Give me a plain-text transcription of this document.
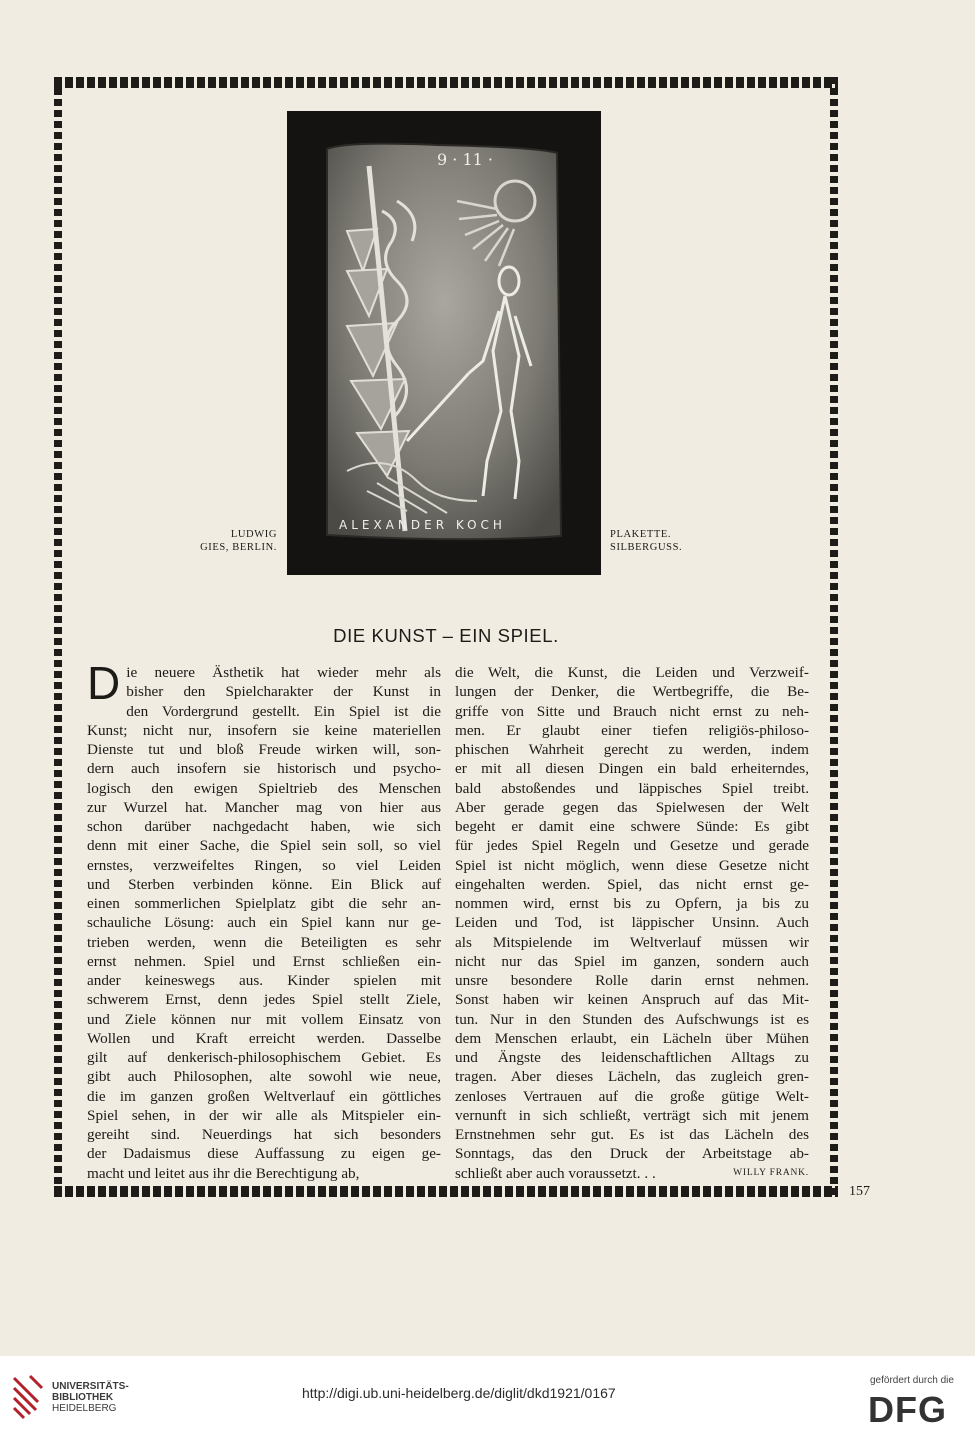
9 · 11 ·
ALEXANDER KOCH
LUDWIG
GIES, BERLIN.
PLAKETTE.
SILBERGUSS.
DIE KUNST – EIN SPIEL.
D ie neuere Ästhetik hat wieder mehr als
bisher den Spielcharakter der Kunst in
den Vordergrund gestellt. Ein Spiel ist die
Kunst; nicht nur, insofern sie keine materiellen
Dienste tut und bloß Freude wirken will, son-
dern auch insofern sie historisch und psycho-
logisch den ewigen Spieltrieb des Menschen
zur Wurzel hat. Mancher mag von hier aus
schon darüber nachgedacht haben, wie sich
denn mit einer Sache, die Spiel sein soll, so viel
ernstes, verzweifeltes Ringen, so viel Leiden
und Sterben verbinden könne. Ein Blick auf
einen sommerlichen Spielplatz gibt die sehr an-
schauliche Lösung: auch ein Spiel kann nur ge-
trieben werden, wenn die Beteiligten es sehr
ernst nehmen. Spiel und Ernst schließen ein-
ander keineswegs aus. Kinder spielen mit
schwerem Ernst, denn jedes Spiel stellt Ziele,
und Ziele können nur mit vollem Einsatz von
Wollen und Kraft erreicht werden. Dasselbe
gilt auf denkerisch-philosophischem Gebiet. Es
gibt auch Philosophen, alte sowohl wie neue,
die im ganzen großen Weltverlauf ein göttliches
Spiel sehen, in der wir alle als Mitspieler ein-
gereiht sind. Neuerdings hat sich besonders
der Dadaismus diese Auffassung zu eigen ge-
macht und leitet aus ihr die Berechtigung ab,
die Welt, die Kunst, die Leiden und Verzweif-
lungen der Denker, die Wertbegriffe, die Be-
griffe von Sitte und Brauch nicht ernst zu neh-
men. Er glaubt einer tiefen religiös-philoso-
phischen Wahrheit gerecht zu werden, indem
er mit all diesen Dingen ein bald erheiterndes,
bald abstoßendes und läppisches Spiel treibt.
Aber gerade gegen das Spielwesen der Welt
begeht er damit eine schwere Sünde: Es gibt
für jedes Spiel Regeln und Gesetze und gerade
Spiel ist nicht möglich, wenn diese Gesetze nicht
eingehalten werden. Spiel, das nicht ernst ge-
nommen wird, ernst bis zu Opfern, ja bis zu
Leiden und Tod, ist läppischer Unsinn. Auch
als Mitspielende im Weltverlauf müssen wir
nicht nur das Spiel im ganzen, sondern auch
unsre besondere Rolle darin ernst nehmen.
Sonst haben wir keinen Anspruch auf das Mit-
tun. Nur in den Stunden des Aufschwungs ist es
dem Menschen erlaubt, ein Lächeln über Mühen
und Ängste des leidenschaftlichen Alltags zu
tragen. Aber dieses Lächeln, das zugleich gren-
zenloses Vertrauen auf die große gütige Welt-
vernunft in sich schließt, verträgt sich mit jenem
Ernstnehmen sehr gut. Es ist das Lächeln des
Sonntags, das den Druck der Arbeitstage ab-
schließt aber auch voraussetzt. . .	WILLY FRANK.
157
UNIVERSITÄTS-
BIBLIOTHEK
HEIDELBERG
http://digi.ub.uni-heidelberg.de/diglit/dkd1921/0167
gefördert durch die
DFG
